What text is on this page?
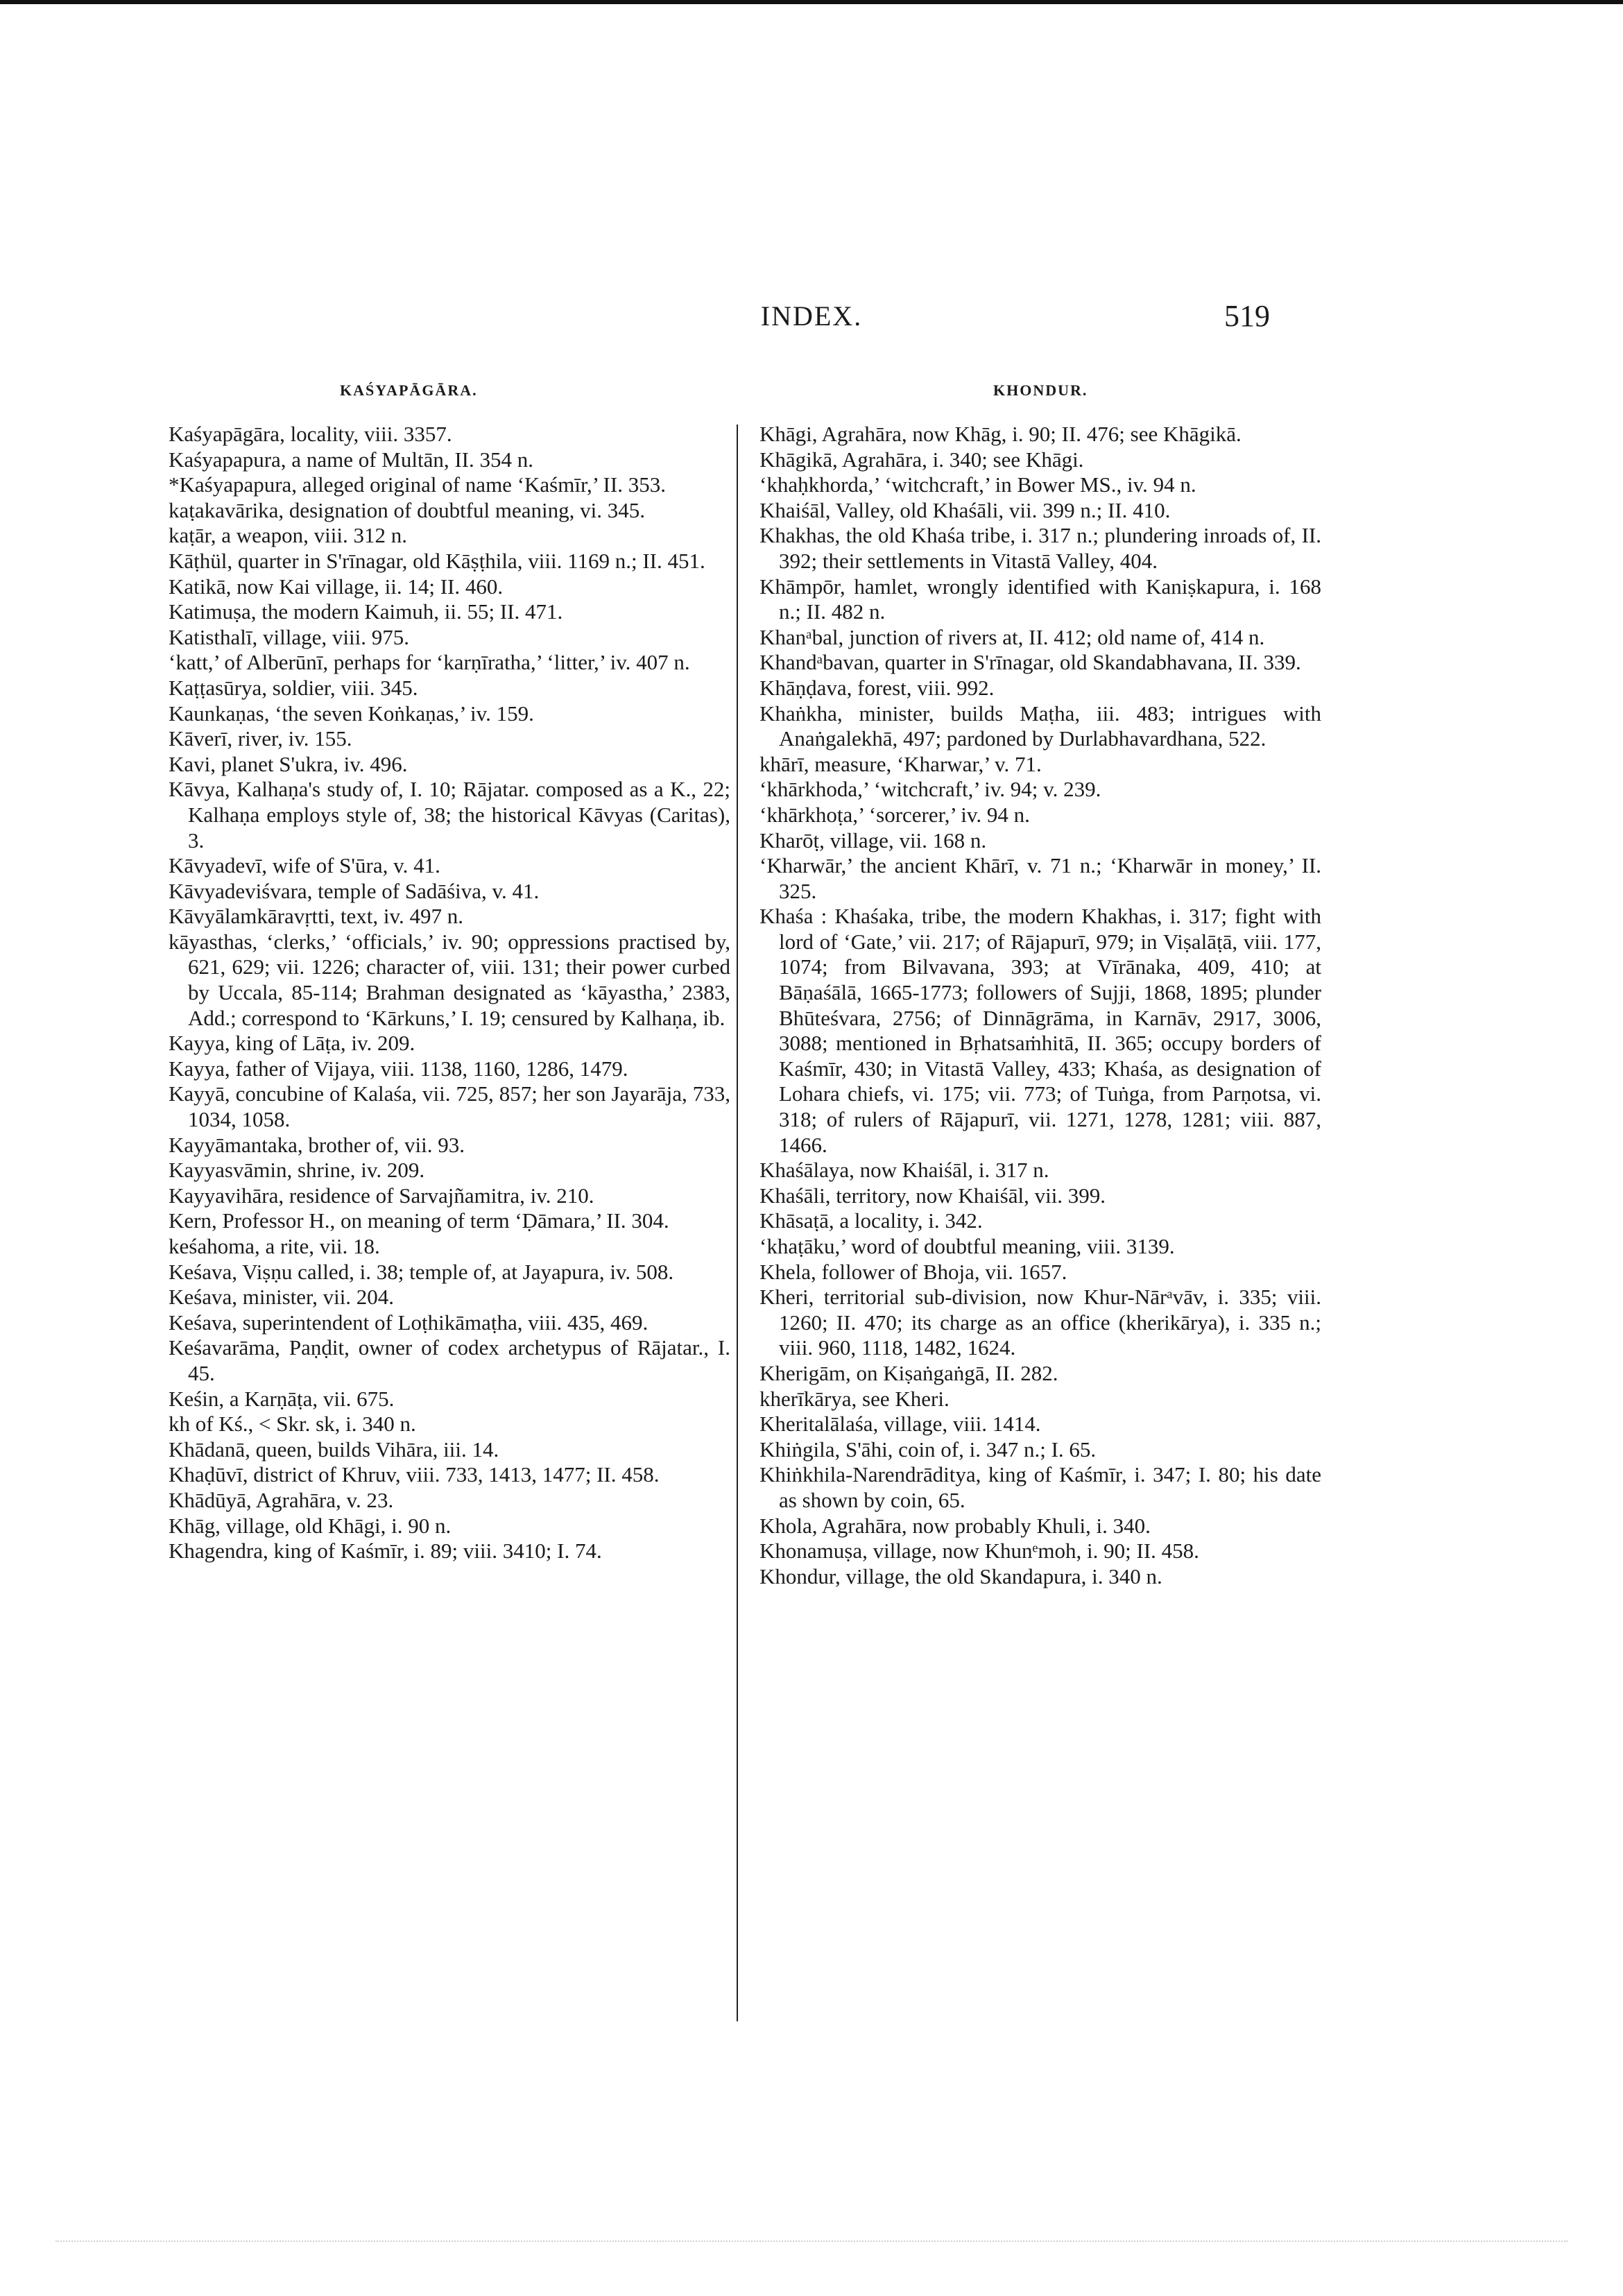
INDEX.	519
KAŚYAPĀGĀRA.	KHONDUR.

Kaśyapāgāra, locality, viii. 3357.

Kaśyapapura, a name of Multān, II. 354 n.

*Kaśyapapura, alleged original of name ‘Kaśmīr,’ II. 353.

kaṭakavārika, designation of doubtful meaning, vi. 345.

kaṭār, a weapon, viii. 312 n.

Kāṭhül, quarter in S'rīnagar, old Kāṣṭhila, viii. 1169 n.; II. 451.

Katikā, now Kai village, ii. 14; II. 460.

Katimuṣa, the modern Kaimuh, ii. 55; II. 471.

Katisthalī, village, viii. 975.

‘katt,’ of Alberūnī, perhaps for ‘karṇīratha,’ ‘litter,’ iv. 407 n.

Kaṭṭasūrya, soldier, viii. 345.

Kaunkaṇas, ‘the seven Koṅkaṇas,’ iv. 159.

Kāverī, river, iv. 155.

Kavi, planet S'ukra, iv. 496.

Kāvya, Kalhaṇa's study of, I. 10; Rājatar. composed as a K., 22; Kalhaṇa employs style of, 38; the historical Kāvyas (Caritas), 3.

Kāvyadevī, wife of S'ūra, v. 41.

Kāvyadeviśvara, temple of Sadāśiva, v. 41.

Kāvyālamkāravṛtti, text, iv. 497 n.

kāyasthas, ‘clerks,’ ‘officials,’ iv. 90; oppressions practised by, 621, 629; vii. 1226; character of, viii. 131; their power curbed by Uccala, 85-114; Brahman designated as ‘kāyastha,’ 2383, Add.; correspond to ‘Kārkuns,’ I. 19; censured by Kalhaṇa, ib.

Kayya, king of Lāṭa, iv. 209.

Kayya, father of Vijaya, viii. 1138, 1160, 1286, 1479.

Kayyā, concubine of Kalaśa, vii. 725, 857; her son Jayarāja, 733, 1034, 1058.

Kayyāmantaka, brother of, vii. 93.

Kayyasvāmin, shrine, iv. 209.

Kayyavihāra, residence of Sarvajñamitra, iv. 210.

Kern, Professor H., on meaning of term ‘Ḍāmara,’ II. 304.

keśahoma, a rite, vii. 18.

Keśava, Viṣṇu called, i. 38; temple of, at Jayapura, iv. 508.

Keśava, minister, vii. 204.

Keśava, superintendent of Loṭhikāmaṭha, viii. 435, 469.

Keśavarāma, Paṇḍit, owner of codex archetypus of Rājatar., I. 45.

Keśin, a Karṇāṭa, vii. 675.

kh of Kś., < Skr. sk, i. 340 n.

Khādanā, queen, builds Vihāra, iii. 14.

Khaḍūvī, district of Khruv, viii. 733, 1413, 1477; II. 458.

Khādūyā, Agrahāra, v. 23.

Khāg, village, old Khāgi, i. 90 n.

Khagendra, king of Kaśmīr, i. 89; viii. 3410; I. 74.

Khāgi, Agrahāra, now Khāg, i. 90; II. 476; see Khāgikā.

Khāgikā, Agrahāra, i. 340; see Khāgi.

‘khaḥkhorda,’ ‘witchcraft,’ in Bower MS., iv. 94 n.

Khaiśāl, Valley, old Khaśāli, vii. 399 n.; II. 410.

Khakhas, the old Khaśa tribe, i. 317 n.; plundering inroads of, II. 392; their settlements in Vitastā Valley, 404.

Khāmpōr, hamlet, wrongly identified with Kaniṣkapura, i. 168 n.; II. 482 n.

Khanᵃbal, junction of rivers at, II. 412; old name of, 414 n.

Khandᵃbavan, quarter in S'rīnagar, old Skandabhavana, II. 339.

Khāṇḍava, forest, viii. 992.

Khaṅkha, minister, builds Maṭha, iii. 483; intrigues with Anaṅgalekhā, 497; pardoned by Durlabhavardhana, 522.

khārī, measure, ‘Kharwar,’ v. 71.

‘khārkhoda,’ ‘witchcraft,’ iv. 94; v. 239.

‘khārkhoṭa,’ ‘sorcerer,’ iv. 94 n.

Kharōṭ, village, vii. 168 n.

‘Kharwār,’ the ancient Khārī, v. 71 n.; ‘Kharwār in money,’ II. 325.

Khaśa : Khaśaka, tribe, the modern Khakhas, i. 317; fight with lord of ‘Gate,’ vii. 217; of Rājapurī, 979; in Viṣalāṭā, viii. 177, 1074; from Bilvavana, 393; at Vīrānaka, 409, 410; at Bāṇaśālā, 1665-1773; followers of Sujji, 1868, 1895; plunder Bhūteśvara, 2756; of Dinnāgrāma, in Karnāv, 2917, 3006, 3088; mentioned in Bṛhatsaṁhitā, II. 365; occupy borders of Kaśmīr, 430; in Vitastā Valley, 433; Khaśa, as designation of Lohara chiefs, vi. 175; vii. 773; of Tuṅga, from Parṇotsa, vi. 318; of rulers of Rājapurī, vii. 1271, 1278, 1281; viii. 887, 1466.

Khaśālaya, now Khaiśāl, i. 317 n.

Khaśāli, territory, now Khaiśāl, vii. 399.

Khāsaṭā, a locality, i. 342.

‘khaṭāku,’ word of doubtful meaning, viii. 3139.

Khela, follower of Bhoja, vii. 1657.

Kheri, territorial sub-division, now Khur-Nārᵃvāv, i. 335; viii. 1260; II. 470; its charge as an office (kherikārya), i. 335 n.; viii. 960, 1118, 1482, 1624.

Kherigām, on Kiṣaṅgaṅgā, II. 282.

kherīkārya, see Kheri.

Kheritalālaśa, village, viii. 1414.

Khiṅgila, S'āhi, coin of, i. 347 n.; I. 65.

Khiṅkhila-Narendrāditya, king of Kaśmīr, i. 347; I. 80; his date as shown by coin, 65.

Khola, Agrahāra, now probably Khuli, i. 340.

Khonamuṣa, village, now Khunᵉmoh, i. 90; II. 458.

Khondur, village, the old Skandapura, i. 340 n.
